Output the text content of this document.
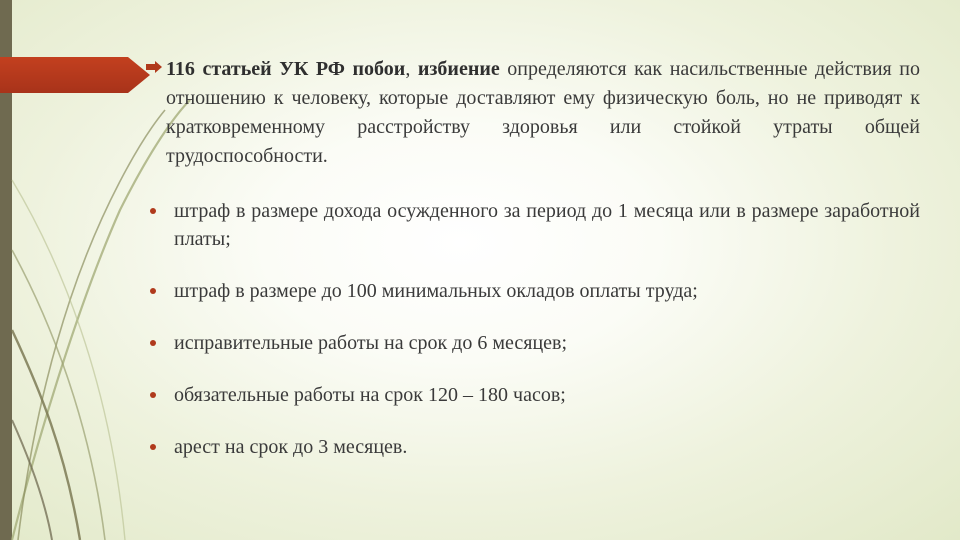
116 статьей УК РФ побои, избиение определяются как насильственные действия по отношению к человеку, которые доставляют ему физическую боль, но не приводят к кратковременному расстройству здоровья или стойкой утраты общей трудоспособности.

штраф в размере дохода осужденного за период до 1 месяца или в размере заработной платы;
штраф в размере до 100 минимальных окладов оплаты труда;
исправительные работы на срок до 6 месяцев;
обязательные работы на срок 120 – 180 часов;
арест на срок до 3 месяцев.
